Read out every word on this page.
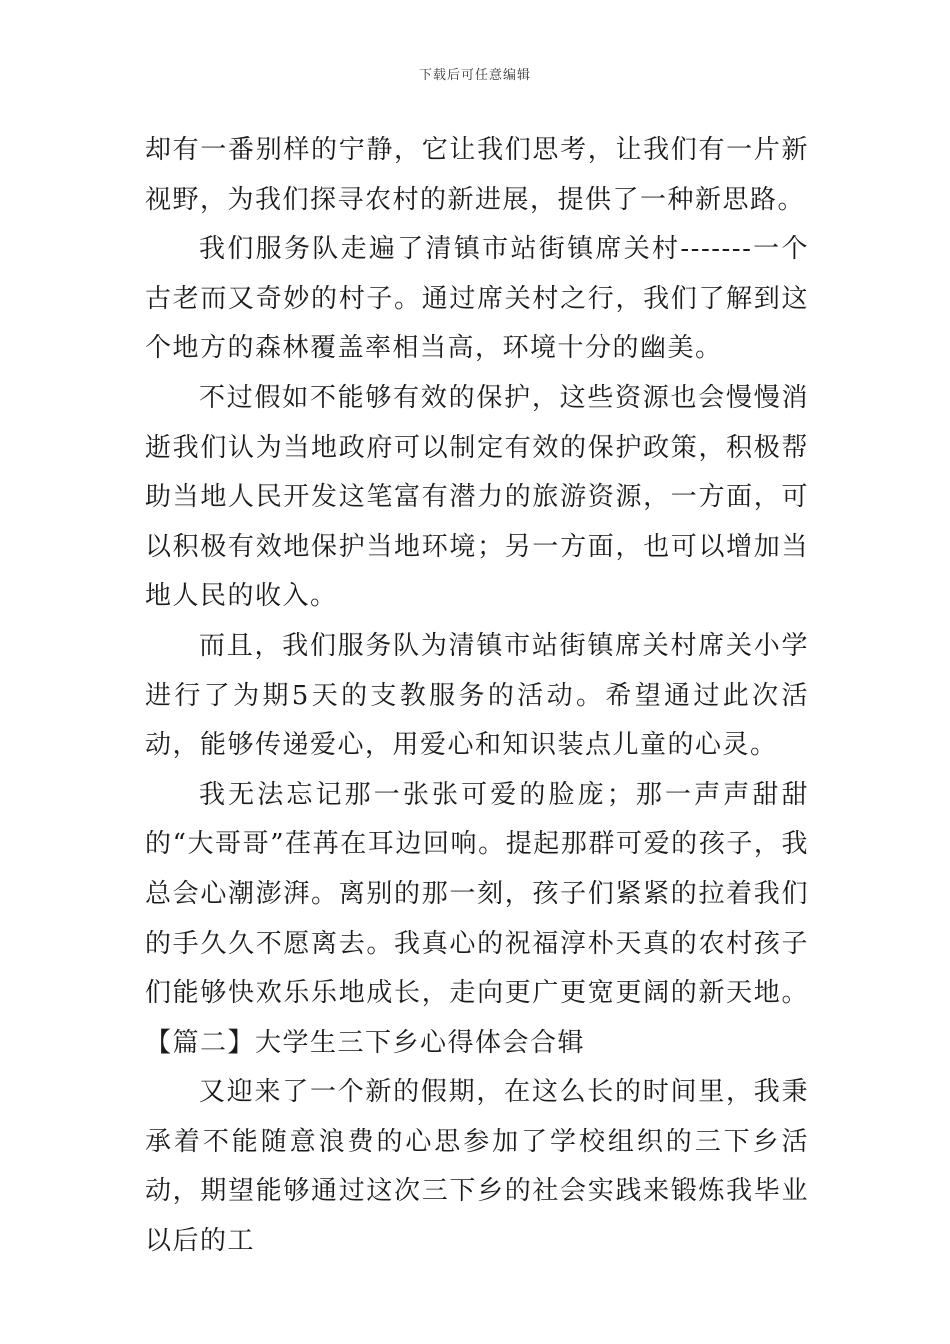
下载后可任意编辑

却有一番别样的宁静，它让我们思考，让我们有一片新视野，为我们探寻农村的新进展，提供了一种新思路。

我们服务队走遍了清镇市站街镇席关村-------一个古老而又奇妙的村子。通过席关村之行，我们了解到这个地方的森林覆盖率相当高，环境十分的幽美。

不过假如不能够有效的保护，这些资源也会慢慢消逝我们认为当地政府可以制定有效的保护政策，积极帮助当地人民开发这笔富有潜力的旅游资源，一方面，可以积极有效地保护当地环境；另一方面，也可以增加当地人民的收入。

而且，我们服务队为清镇市站街镇席关村席关小学进行了为期5天的支教服务的活动。希望通过此次活动，能够传递爱心，用爱心和知识装点儿童的心灵。

我无法忘记那一张张可爱的脸庞；那一声声甜甜的“大哥哥”荏苒在耳边回响。提起那群可爱的孩子，我总会心潮澎湃。离别的那一刻，孩子们紧紧的拉着我们的手久久不愿离去。我真心的祝福淳朴天真的农村孩子们能够快欢乐乐地成长，走向更广更宽更阔的新天地。【篇二】大学生三下乡心得体会合辑

又迎来了一个新的假期，在这么长的时间里，我秉承着不能随意浪费的心思参加了学校组织的三下乡活动，期望能够通过这次三下乡的社会实践来锻炼我毕业以后的工
